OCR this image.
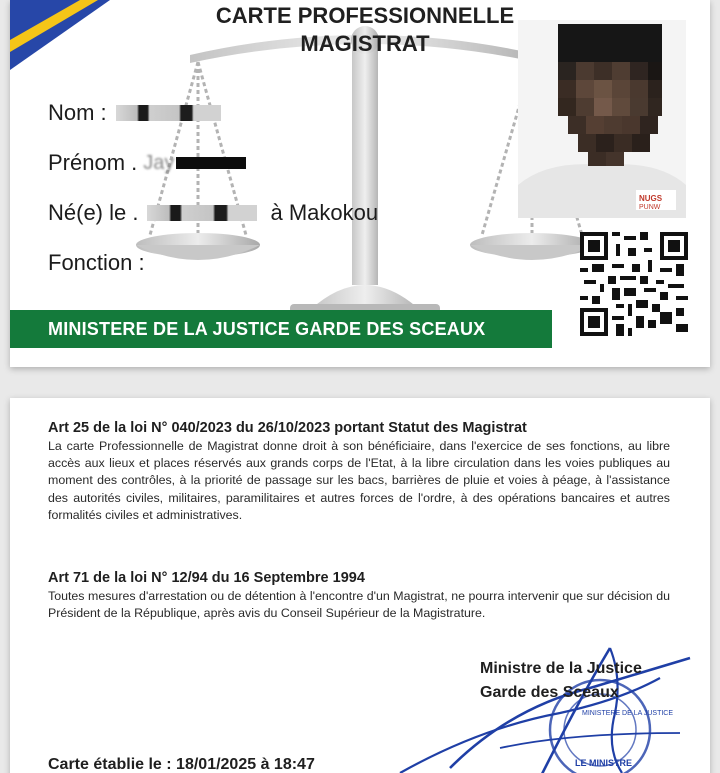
CARTE PROFESSIONNELLE
MAGISTRAT
Nom :
Prénom . Jay
Né(e) le .	à Makokou
Fonction :
NUGS
PUNW
MINISTERE DE LA JUSTICE GARDE DES SCEAUX
Art 25 de la loi N° 040/2023 du 26/10/2023 portant Statut des Magistrat
La carte Professionnelle de Magistrat donne droit à son bénéficiaire, dans l'exercice de ses fonctions, au libre accès aux lieux et places réservés aux grands corps de l'Etat, à la libre circulation dans les voies publiques au moment des contrôles, à la priorité de passage sur les bacs, barrières de pluie et voies à péage, à l'assistance des autorités civiles, militaires, paramilitaires et autres forces de l'ordre, à des opérations bancaires et autres formalités civiles et administratives.
Art 71 de la loi N° 12/94 du 16 Septembre 1994
Toutes mesures d'arrestation ou de détention à l'encontre d'un Magistrat, ne pourra intervenir que sur décision du Président de la République, après avis du Conseil Supérieur de la Magistrature.
MINISTERE DE LA JUSTICE
LE MINISTRE
Ministre de la Justice
Garde des Sceaux
Carte établie le : 18/01/2025 à 18:47
